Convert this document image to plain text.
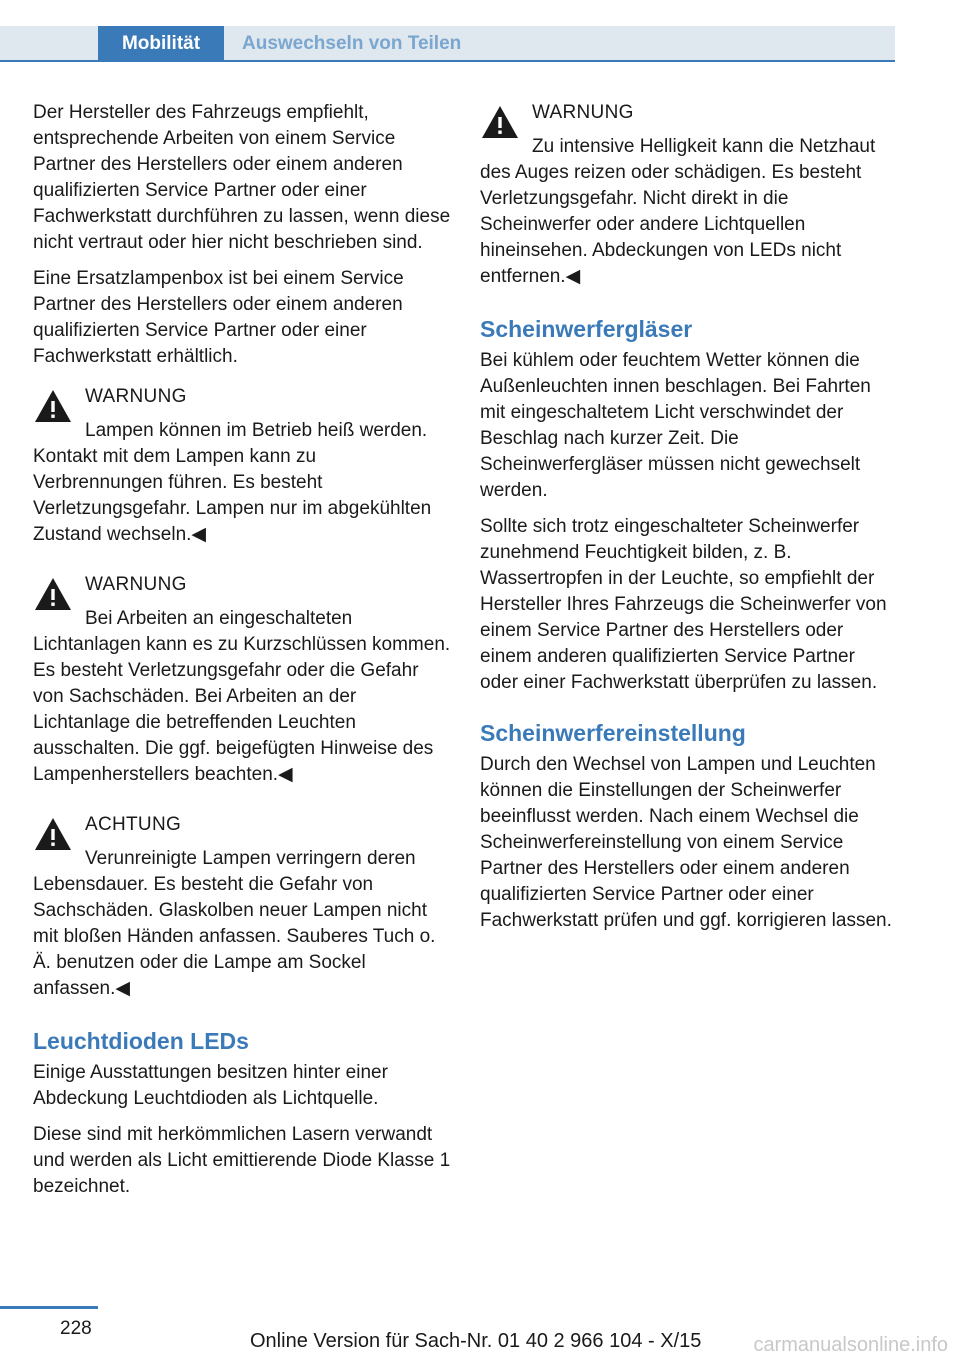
Mobilität	Auswechseln von Teilen

Der Hersteller des Fahrzeugs empfiehlt, entsprechende Arbeiten von einem Service Partner des Herstellers oder einem anderen qualifizierten Service Partner oder einer Fachwerkstatt durchführen zu lassen, wenn diese nicht vertraut oder hier nicht beschrieben sind.

Eine Ersatzlampenbox ist bei einem Service Partner des Herstellers oder einem anderen qualifizierten Service Partner oder einer Fachwerkstatt erhältlich.

WARNUNG
Lampen können im Betrieb heiß werden. Kontakt mit dem Lampen kann zu Verbrennungen führen. Es besteht Verletzungsgefahr. Lampen nur im abgekühlten Zustand wechseln.◀
WARNUNG
Bei Arbeiten an eingeschalteten Lichtanlagen kann es zu Kurzschlüssen kommen. Es besteht Verletzungsgefahr oder die Gefahr von Sachschäden. Bei Arbeiten an der Lichtanlage die betreffenden Leuchten ausschalten. Die ggf. beigefügten Hinweise des Lampenherstellers beachten.◀
ACHTUNG
Verunreinigte Lampen verringern deren Lebensdauer. Es besteht die Gefahr von Sachschäden. Glaskolben neuer Lampen nicht mit bloßen Händen anfassen. Sauberes Tuch o. Ä. benutzen oder die Lampe am Sockel anfassen.◀
Leuchtdioden LEDs

Einige Ausstattungen besitzen hinter einer Abdeckung Leuchtdioden als Lichtquelle.

Diese sind mit herkömmlichen Lasern verwandt und werden als Licht emittierende Diode Klasse 1 bezeichnet.

WARNUNG
Zu intensive Helligkeit kann die Netzhaut des Auges reizen oder schädigen. Es besteht Verletzungsgefahr. Nicht direkt in die Scheinwerfer oder andere Lichtquellen hineinsehen. Abdeckungen von LEDs nicht entfernen.◀
Scheinwerfergläser

Bei kühlem oder feuchtem Wetter können die Außenleuchten innen beschlagen. Bei Fahrten mit eingeschaltetem Licht verschwindet der Beschlag nach kurzer Zeit. Die Scheinwerfergläser müssen nicht gewechselt werden.

Sollte sich trotz eingeschalteter Scheinwerfer zunehmend Feuchtigkeit bilden, z. B. Wassertropfen in der Leuchte, so empfiehlt der Hersteller Ihres Fahrzeugs die Scheinwerfer von einem Service Partner des Herstellers oder einem anderen qualifizierten Service Partner oder einer Fachwerkstatt überprüfen zu lassen.

Scheinwerfereinstellung

Durch den Wechsel von Lampen und Leuchten können die Einstellungen der Scheinwerfer beeinflusst werden. Nach einem Wechsel die Scheinwerfereinstellung von einem Service Partner des Herstellers oder einem anderen qualifizierten Service Partner oder einer Fachwerkstatt prüfen und ggf. korrigieren lassen.

228
Online Version für Sach-Nr. 01 40 2 966 104 - X/15	carmanualsonline.info
